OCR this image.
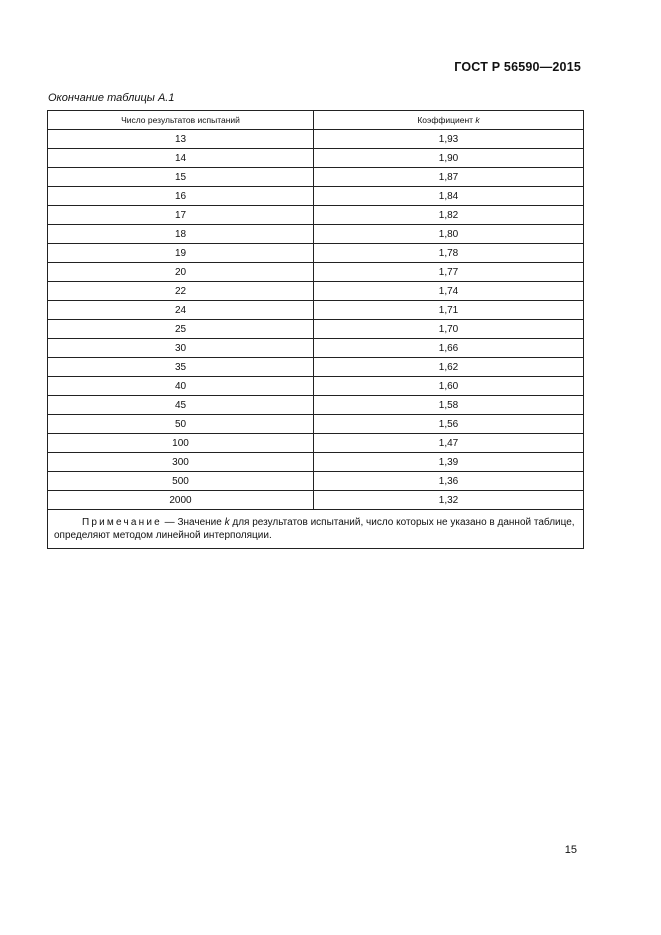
ГОСТ Р 56590—2015
Окончание таблицы А.1
Число результатов испытаний	Коэффициент k
13	1,93
14	1,90
15	1,87
16	1,84
17	1,82
18	1,80
19	1,78
20	1,77
22	1,74
24	1,71
25	1,70
30	1,66
35	1,62
40	1,60
45	1,58
50	1,56
100	1,47
300	1,39
500	1,36
2000	1,32
Примечание — Значение k для результатов испытаний, число которых не указано в данной таблице, определяют методом линейной интерполяции.	
15
